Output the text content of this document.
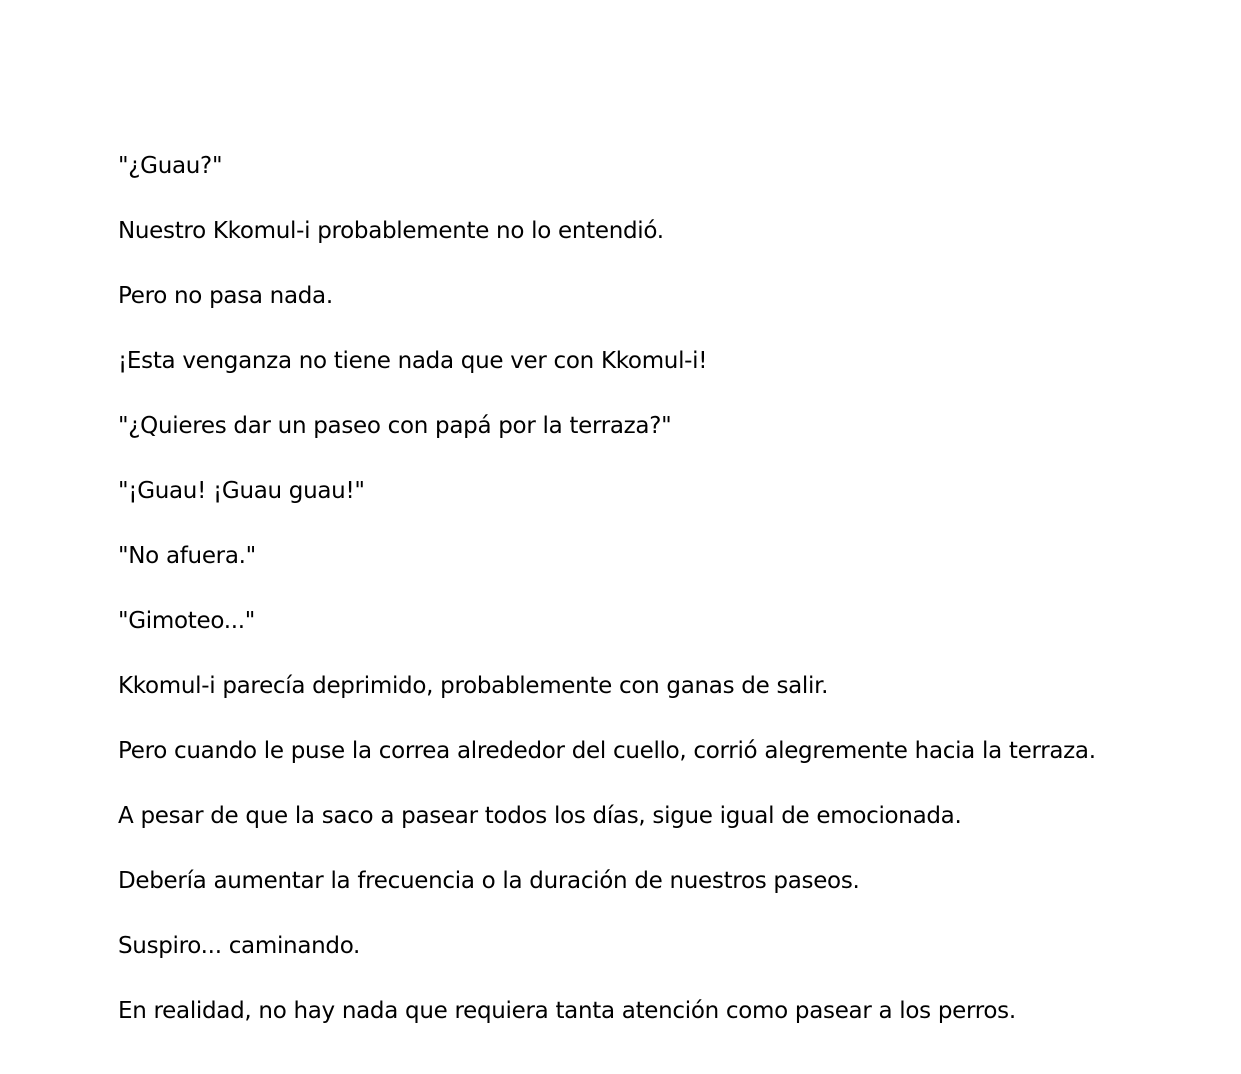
"¿Guau?"

Nuestro Kkomul-i probablemente no lo entendió.

Pero no pasa nada.

¡Esta venganza no tiene nada que ver con Kkomul-i!

"¿Quieres dar un paseo con papá por la terraza?"

"¡Guau! ¡Guau guau!"

"No afuera."

"Gimoteo..."

Kkomul-i parecía deprimido, probablemente con ganas de salir.

Pero cuando le puse la correa alrededor del cuello, corrió alegremente hacia la terraza.

A pesar de que la saco a pasear todos los días, sigue igual de emocionada.

Debería aumentar la frecuencia o la duración de nuestros paseos.

Suspiro... caminando.

En realidad, no hay nada que requiera tanta atención como pasear a los perros.
